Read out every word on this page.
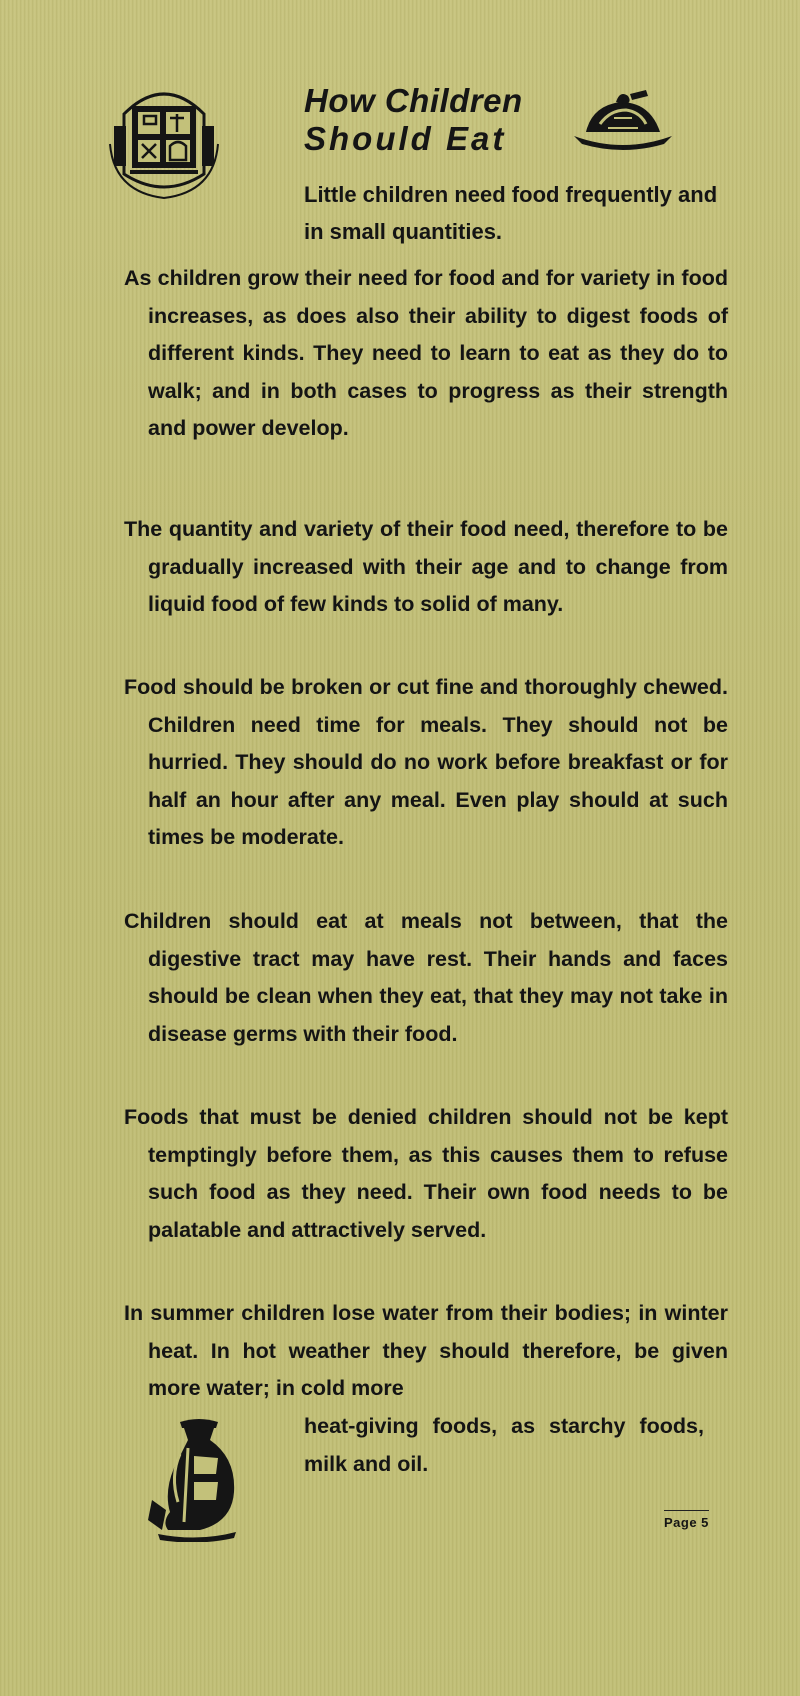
How Children
Should Eat
Little children need food frequently and in small quantities.

As children grow their need for food and for variety in food increases, as does also their ability to digest foods of different kinds. They need to learn to eat as they do to walk; and in both cases to progress as their strength and power develop.

The quantity and variety of their food need, therefore to be gradually increased with their age and to change from liquid food of few kinds to solid of many.

Food should be broken or cut fine and thoroughly chewed. Children need time for meals. They should not be hurried. They should do no work before breakfast or for half an hour after any meal. Even play should at such times be moderate.

Children should eat at meals not between, that the digestive tract may have rest. Their hands and faces should be clean when they eat, that they may not take in disease germs with their food.

Foods that must be denied children should not be kept temptingly before them, as this causes them to refuse such food as they need. Their own food needs to be palatable and attractively served.

In summer children lose water from their bodies; in winter heat. In hot weather they should therefore, be given more water; in cold more

heat-giving foods, as starchy foods, milk and oil.

Page 5
